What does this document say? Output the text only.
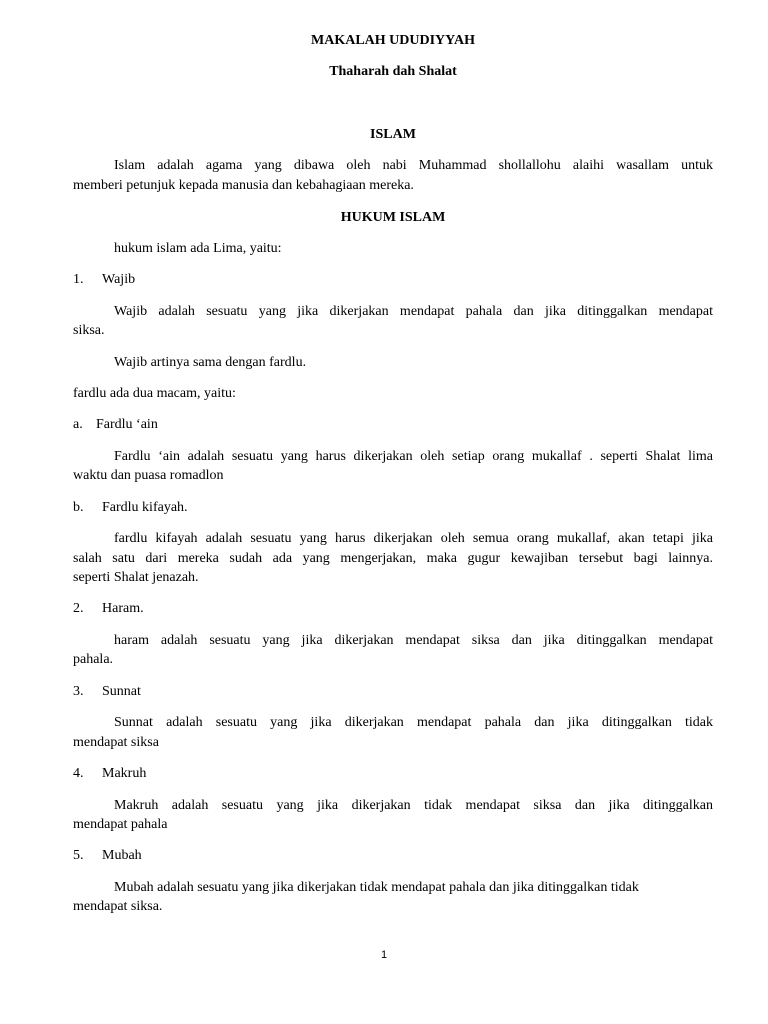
MAKALAH UDUDIYYAH
Thaharah dah Shalat
ISLAM
Islam adalah agama yang dibawa oleh nabi Muhammad shollallohu alaihi wasallam untuk
memberi petunjuk kepada manusia dan kebahagiaan mereka.
HUKUM ISLAM
hukum islam ada Lima, yaitu:
1. Wajib
Wajib adalah sesuatu yang jika dikerjakan mendapat pahala dan jika ditinggalkan mendapat
siksa.
Wajib artinya sama dengan fardlu.
fardlu ada dua macam, yaitu:
a. Fardlu ‘ain
Fardlu ‘ain adalah sesuatu yang harus dikerjakan oleh setiap orang mukallaf . seperti Shalat lima
waktu dan puasa romadlon
b. Fardlu kifayah.
fardlu kifayah adalah sesuatu yang harus dikerjakan oleh semua orang mukallaf, akan tetapi jika
salah satu dari mereka sudah ada yang mengerjakan, maka gugur kewajiban tersebut bagi lainnya.
seperti Shalat jenazah.
2. Haram.
haram adalah sesuatu yang jika dikerjakan mendapat siksa dan jika ditinggalkan mendapat
pahala.
3. Sunnat
Sunnat adalah sesuatu yang jika dikerjakan mendapat pahala dan jika ditinggalkan tidak
mendapat siksa
4. Makruh
Makruh adalah sesuatu yang jika dikerjakan tidak mendapat siksa dan jika ditinggalkan
mendapat pahala
5. Mubah
Mubah adalah sesuatu yang jika dikerjakan tidak mendapat pahala dan jika ditinggalkan tidak
mendapat siksa.
1
